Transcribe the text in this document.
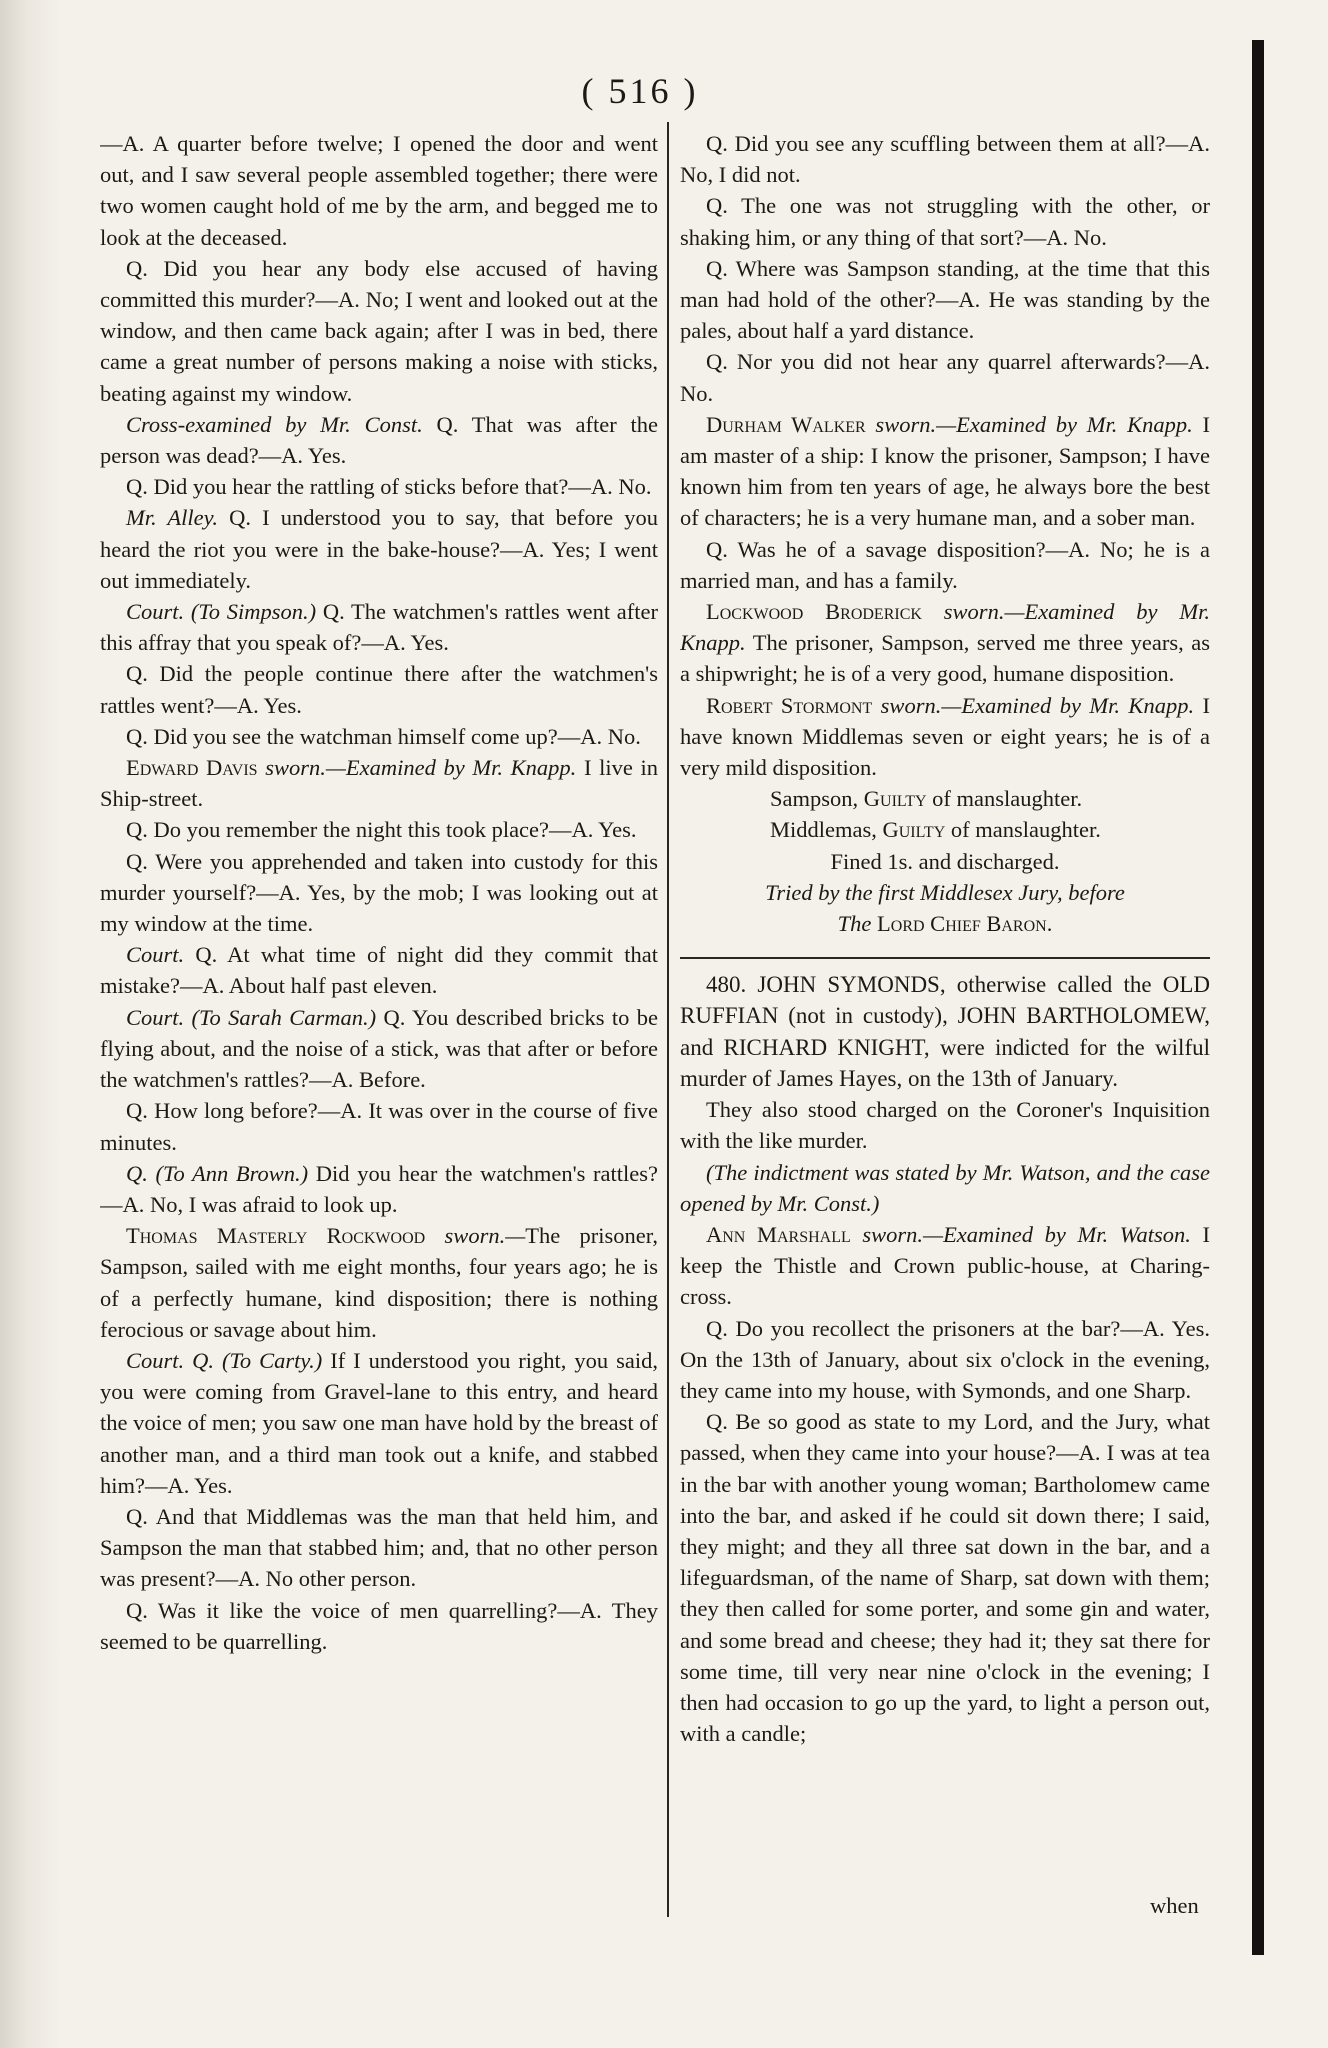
( 516 )

—A. A quarter before twelve; I opened the door and went out, and I saw several people assembled together; there were two women caught hold of me by the arm, and begged me to look at the deceased.

Q. Did you hear any body else accused of having committed this murder?—A. No; I went and looked out at the window, and then came back again; after I was in bed, there came a great number of persons making a noise with sticks, beating against my window.

Cross-examined by Mr. Const. Q. That was after the person was dead?—A. Yes.

Q. Did you hear the rattling of sticks before that?—A. No.

Mr. Alley. Q. I understood you to say, that before you heard the riot you were in the bake-house?—A. Yes; I went out immediately.

Court. (To Simpson.) Q. The watchmen's rattles went after this affray that you speak of?—A. Yes.

Q. Did the people continue there after the watchmen's rattles went?—A. Yes.

Q. Did you see the watchman himself come up?—A. No.

Edward Davis sworn.—Examined by Mr. Knapp. I live in Ship-street.

Q. Do you remember the night this took place?—A. Yes.

Q. Were you apprehended and taken into custody for this murder yourself?—A. Yes, by the mob; I was looking out at my window at the time.

Court. Q. At what time of night did they commit that mistake?—A. About half past eleven.

Court. (To Sarah Carman.) Q. You described bricks to be flying about, and the noise of a stick, was that after or before the watchmen's rattles?—A. Before.

Q. How long before?—A. It was over in the course of five minutes.

Q. (To Ann Brown.) Did you hear the watchmen's rattles?—A. No, I was afraid to look up.

Thomas Masterly Rockwood sworn.—The prisoner, Sampson, sailed with me eight months, four years ago; he is of a perfectly humane, kind disposition; there is nothing ferocious or savage about him.

Court. Q. (To Carty.) If I understood you right, you said, you were coming from Gravel-lane to this entry, and heard the voice of men; you saw one man have hold by the breast of another man, and a third man took out a knife, and stabbed him?—A. Yes.

Q. And that Middlemas was the man that held him, and Sampson the man that stabbed him; and, that no other person was present?—A. No other person.

Q. Was it like the voice of men quarrelling?—A. They seemed to be quarrelling.

Q. Did you see any scuffling between them at all?—A. No, I did not.

Q. The one was not struggling with the other, or shaking him, or any thing of that sort?—A. No.

Q. Where was Sampson standing, at the time that this man had hold of the other?—A. He was standing by the pales, about half a yard distance.

Q. Nor you did not hear any quarrel afterwards?—A. No.

Durham Walker sworn.—Examined by Mr. Knapp. I am master of a ship: I know the prisoner, Sampson; I have known him from ten years of age, he always bore the best of characters; he is a very humane man, and a sober man.

Q. Was he of a savage disposition?—A. No; he is a married man, and has a family.

Lockwood Broderick sworn.—Examined by Mr. Knapp. The prisoner, Sampson, served me three years, as a shipwright; he is of a very good, humane disposition.

Robert Stormont sworn.—Examined by Mr. Knapp. I have known Middlemas seven or eight years; he is of a very mild disposition.

Sampson, Guilty of manslaughter.

Middlemas, Guilty of manslaughter.

Fined 1s. and discharged.

Tried by the first Middlesex Jury, before

The Lord Chief Baron.

480. JOHN SYMONDS, otherwise called the OLD RUFFIAN (not in custody), JOHN BARTHOLOMEW, and RICHARD KNIGHT, were indicted for the wilful murder of James Hayes, on the 13th of January.

They also stood charged on the Coroner's Inquisition with the like murder.

(The indictment was stated by Mr. Watson, and the case opened by Mr. Const.)

Ann Marshall sworn.—Examined by Mr. Watson. I keep the Thistle and Crown public-house, at Charing-cross.

Q. Do you recollect the prisoners at the bar?—A. Yes. On the 13th of January, about six o'clock in the evening, they came into my house, with Symonds, and one Sharp.

Q. Be so good as state to my Lord, and the Jury, what passed, when they came into your house?—A. I was at tea in the bar with another young woman; Bartholomew came into the bar, and asked if he could sit down there; I said, they might; and they all three sat down in the bar, and a lifeguardsman, of the name of Sharp, sat down with them; they then called for some porter, and some gin and water, and some bread and cheese; they had it; they sat there for some time, till very near nine o'clock in the evening; I then had occasion to go up the yard, to light a person out, with a candle;

when
